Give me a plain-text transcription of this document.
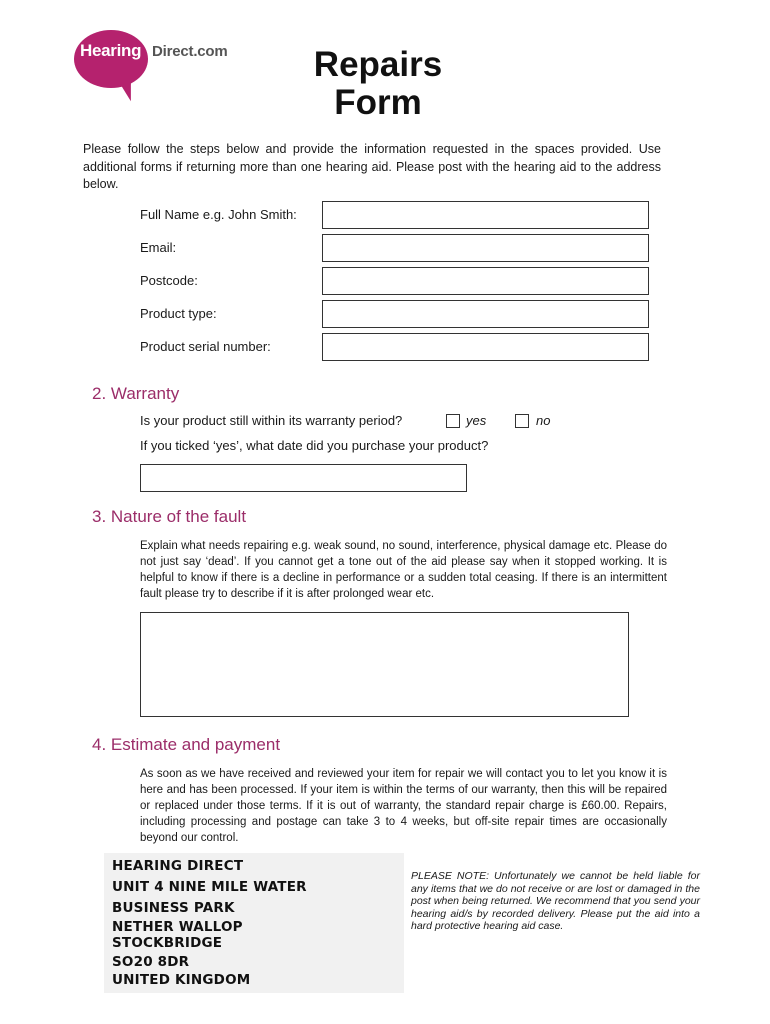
Hearing Direct.com	Repairs
Form
Please follow the steps below and provide the information requested in the spaces provided. Use additional forms if returning more than one hearing aid. Please post with the hearing aid to the address below.
Full Name e.g. John Smith:
Email:
Postcode:
Product type:
Product serial number:
2. Warranty
Is your product still within its warranty period?	yes	no
If you ticked ‘yes’, what date did you purchase your product?
3. Nature of the fault
Explain what needs repairing e.g. weak sound, no sound, interference, physical damage etc. Please do not just say ‘dead’. If you cannot get a tone out of the aid please say when it stopped working. It is helpful to know if there is a decline in performance or a sudden total ceasing. If there is an intermittent fault please try to describe if it is after prolonged wear etc.
4. Estimate and payment
As soon as we have received and reviewed your item for repair we will contact you to let you know it is here and has been processed. If your item is within the terms of our warranty, then this will be repaired or replaced under those terms. If it is out of warranty, the standard repair charge is £60.00. Repairs, including processing and postage can take 3 to 4 weeks, but off-site repair times are occasionally beyond our control.
HEARING DIRECT
UNIT 4 NINE MILE WATER
BUSINESS PARK
NETHER WALLOP
STOCKBRIDGE
SO20 8DR
UNITED KINGDOM
PLEASE NOTE: Unfortunately we cannot be held liable for any items that we do not receive or are lost or damaged in the post when being returned. We recommend that you send your hearing aid/s by recorded delivery. Please put the aid into a hard protective hearing aid case.
